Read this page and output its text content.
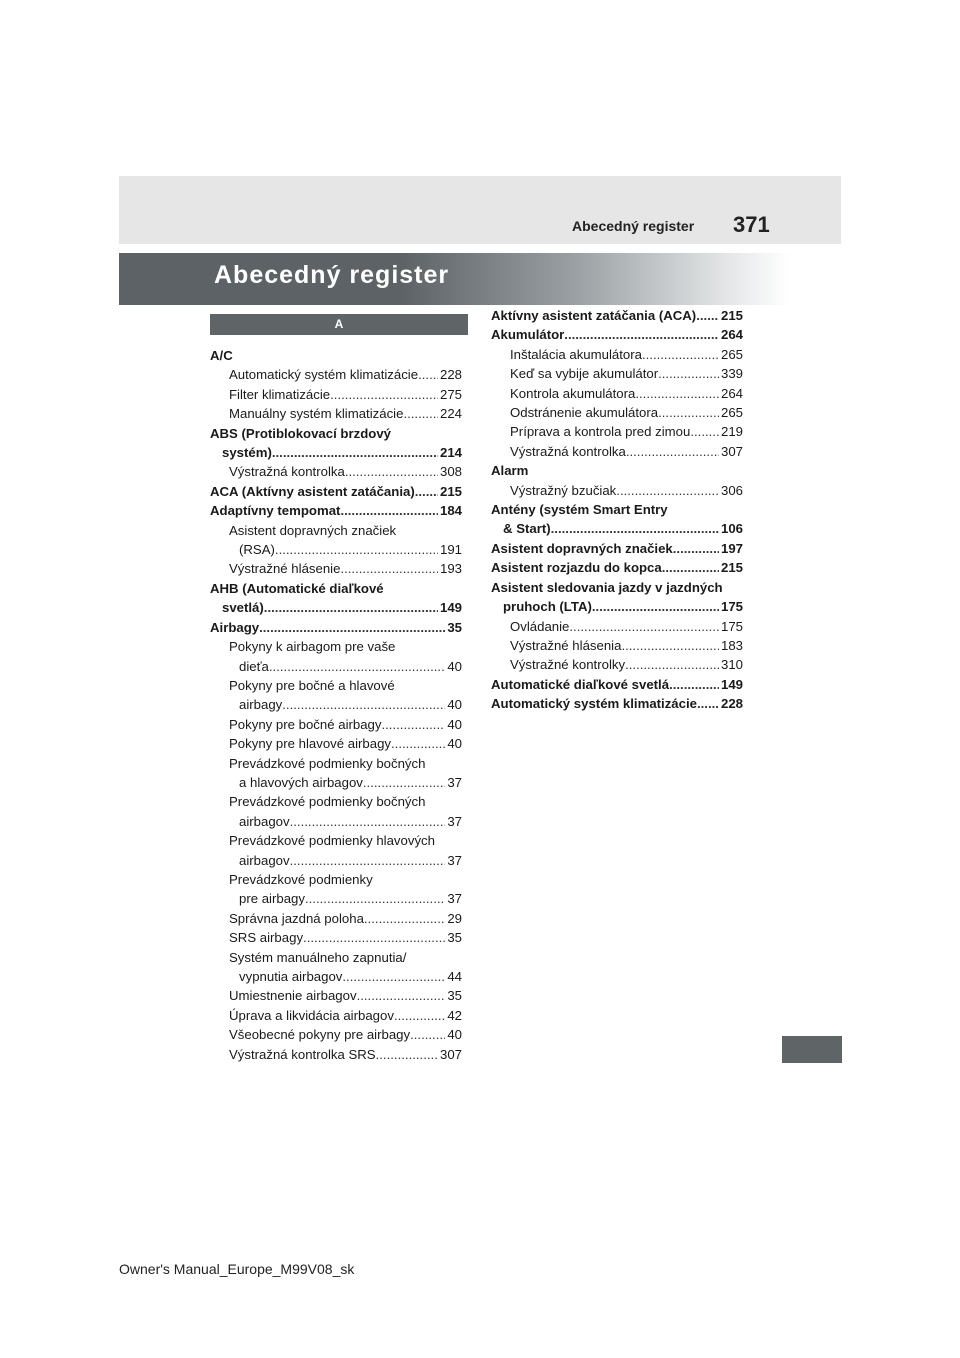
Abecedný register 371
Abecedný register
A
A/C
Automatický systém klimatizácie ..... 228
Filter klimatizácie .....	275
Manuálny systém klimatizácie .....	224
ABS (Protiblokovací brzdový
systém) .....	214
Výstražná kontrolka .....	308
ACA (Aktívny asistent zatáčania) ..... 215
Adaptívny tempomat .....	184
Asistent dopravných značiek
(RSA) .....	191
Výstražné hlásenie .....	193
AHB (Automatické diaľkové
svetlá) .....	149
Airbagy .....	35
Pokyny k airbagom pre vaše
dieťa .....	40
Pokyny pre bočné a hlavové
airbagy .....	40
Pokyny pre bočné airbagy .....	40
Pokyny pre hlavové airbagy .....	40
Prevádzkové podmienky bočných
a hlavových airbagov .....	37
Prevádzkové podmienky bočných
airbagov .....	37
Prevádzkové podmienky hlavových
airbagov .....	37
Prevádzkové podmienky
pre airbagy .....	37
Správna jazdná poloha .....	29
SRS airbagy .....	35
Systém manuálneho zapnutia/
vypnutia airbagov .....	44
Umiestnenie airbagov .....	35
Úprava a likvidácia airbagov .....	42
Všeobecné pokyny pre airbagy .....	40
Výstražná kontrolka SRS .....	307
Aktívny asistent zatáčania (ACA) ..... 215
Akumulátor .....	264
Inštalácia akumulátora .....	265
Keď sa vybije akumulátor .....	339
Kontrola akumulátora .....	264
Odstránenie akumulátora .....	265
Príprava a kontrola pred zimou ..... 219
Výstražná kontrolka .....	307
Alarm
Výstražný bzučiak .....	306
Antény (systém Smart Entry
& Start) .....	106
Asistent dopravných značiek .....	197
Asistent rozjazdu do kopca .....	215
Asistent sledovania jazdy v jazdných
pruhoch (LTA) .....	175
Ovládanie .....	175
Výstražné hlásenia .....	183
Výstražné kontrolky .....	310
Automatické diaľkové svetlá .....	149
Automatický systém klimatizácie ..... 228
Owner's Manual_Europe_M99V08_sk
